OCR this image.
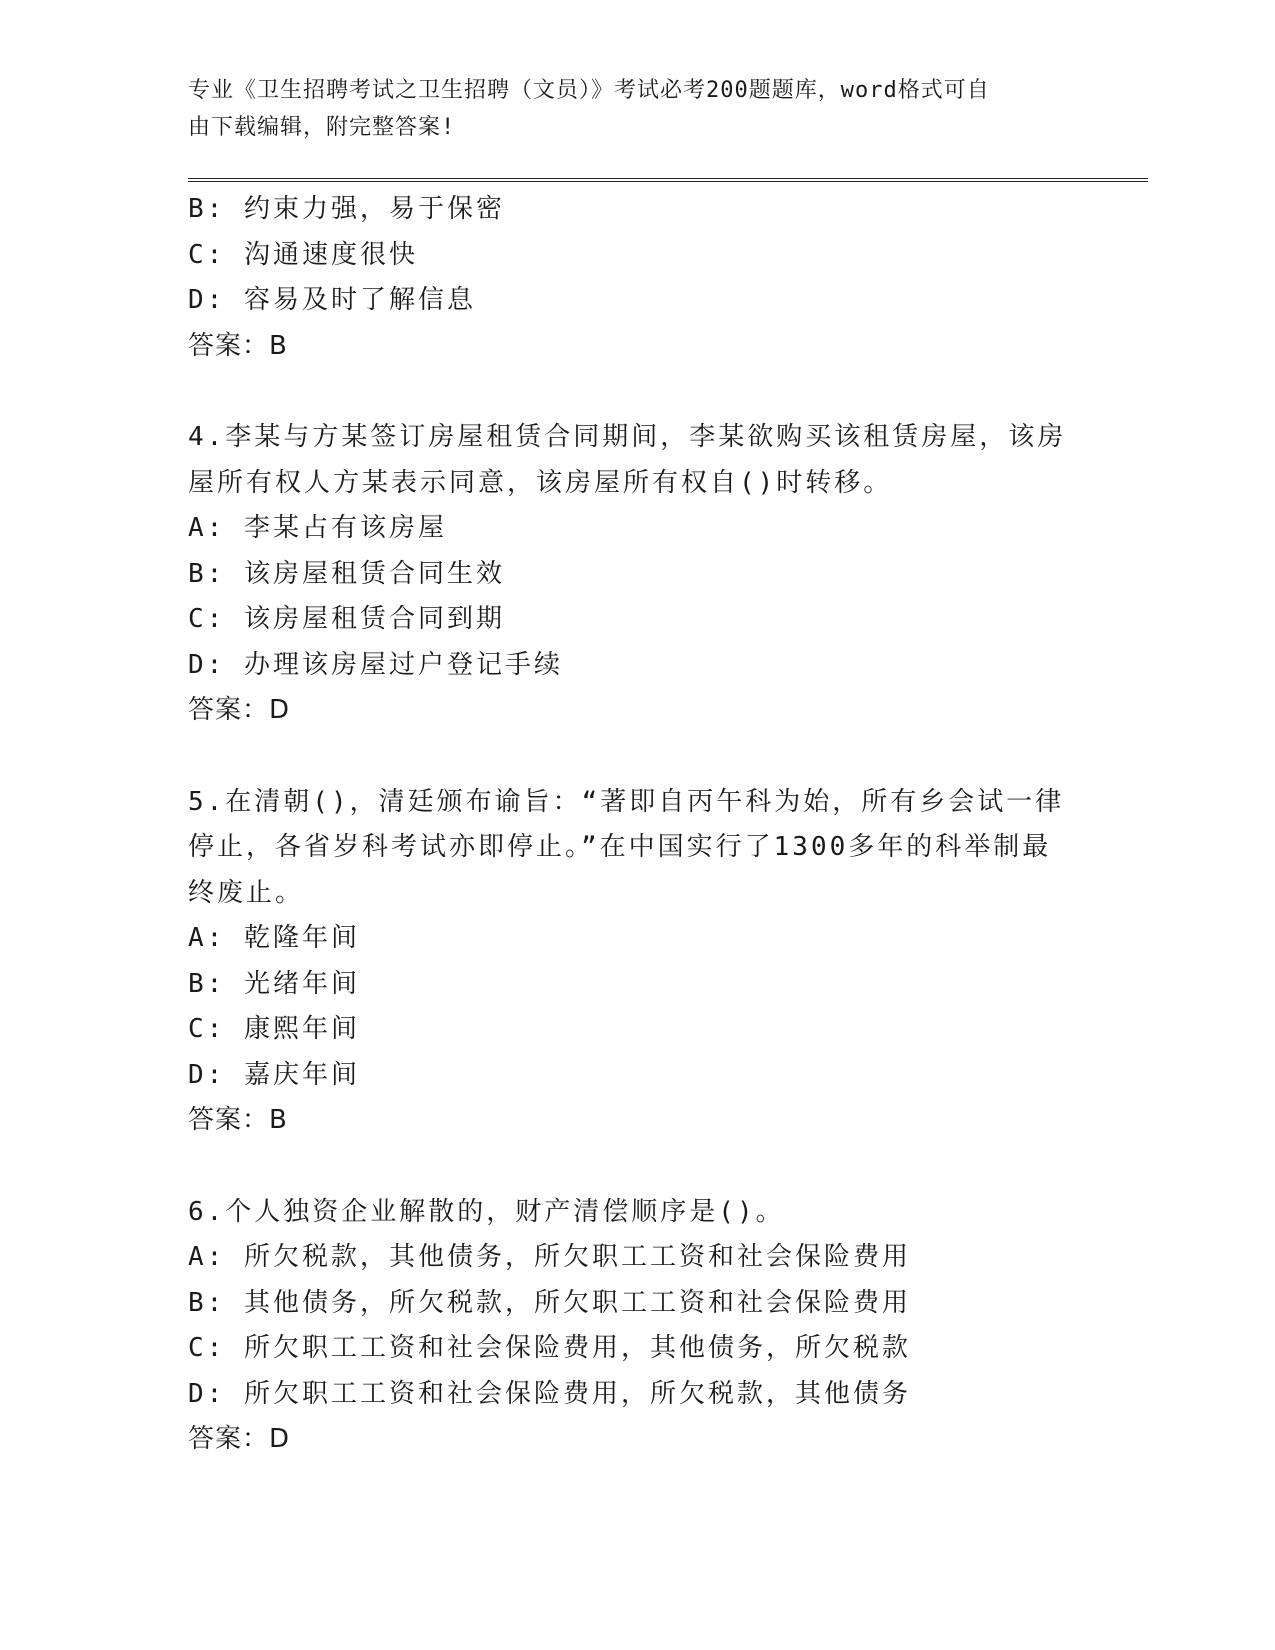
专业《卫生招聘考试之卫生招聘（文员）》考试必考200题题库，word格式可自
由下载编辑，附完整答案!
B: 约束力强，易于保密
C: 沟通速度很快
D: 容易及时了解信息
答案：B
4.李某与方某签订房屋租赁合同期间，李某欲购买该租赁房屋，该房
屋所有权人方某表示同意，该房屋所有权自()时转移。
A: 李某占有该房屋
B: 该房屋租赁合同生效
C: 该房屋租赁合同到期
D: 办理该房屋过户登记手续
答案：D
5.在清朝()，清廷颁布谕旨：“著即自丙午科为始，所有乡会试一律
停止，各省岁科考试亦即停止。”在中国实行了1300多年的科举制最
终废止。
A: 乾隆年间
B: 光绪年间
C: 康熙年间
D: 嘉庆年间
答案：B
6.个人独资企业解散的，财产清偿顺序是()。
A: 所欠税款，其他债务，所欠职工工资和社会保险费用
B: 其他债务，所欠税款，所欠职工工资和社会保险费用
C: 所欠职工工资和社会保险费用，其他债务，所欠税款
D: 所欠职工工资和社会保险费用，所欠税款，其他债务
答案：D
